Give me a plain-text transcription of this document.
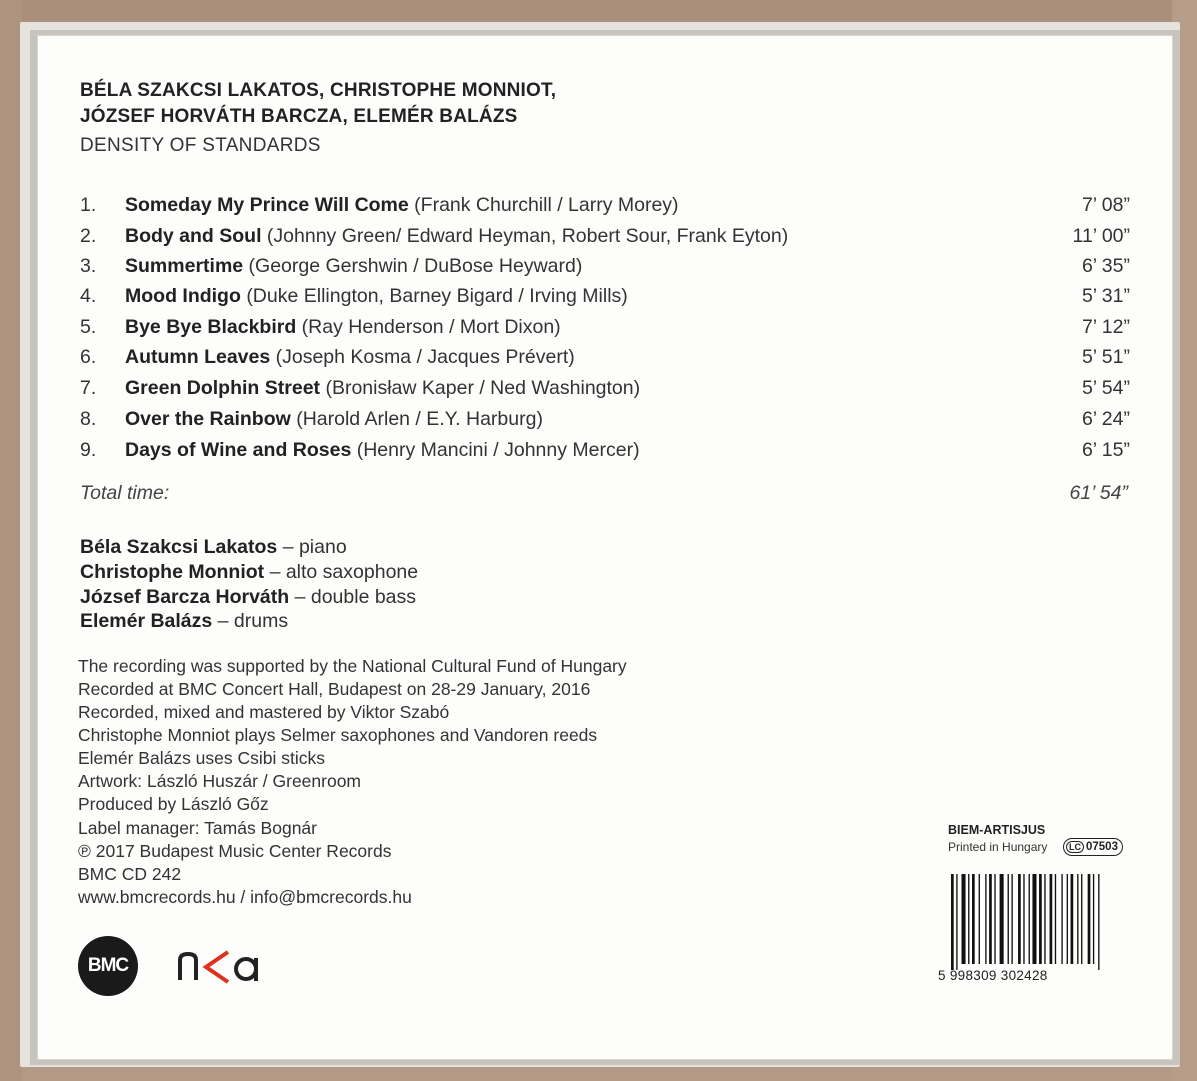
BÉLA SZAKCSI LAKATOS, CHRISTOPHE MONNIOT,
JÓZSEF HORVÁTH BARCZA, ELEMÉR BALÁZS
DENSITY OF STANDARDS
1. Someday My Prince Will Come (Frank Churchill / Larry Morey)	7’ 08”
2. Body and Soul (Johnny Green/ Edward Heyman, Robert Sour, Frank Eyton)	11’ 00”
3. Summertime (George Gershwin / DuBose Heyward)	6’ 35”
4. Mood Indigo (Duke Ellington, Barney Bigard / Irving Mills)	5’ 31”
5. Bye Bye Blackbird (Ray Henderson / Mort Dixon)	7’ 12”
6. Autumn Leaves (Joseph Kosma / Jacques Prévert)	5’ 51”
7. Green Dolphin Street (Bronisław Kaper / Ned Washington)	5’ 54”
8. Over the Rainbow (Harold Arlen / E.Y. Harburg)	6’ 24”
9. Days of Wine and Roses (Henry Mancini / Johnny Mercer)	6’ 15”
Total time:	61’ 54”
Béla Szakcsi Lakatos – piano
Christophe Monniot – alto saxophone
József Barcza Horváth – double bass
Elemér Balázs – drums
The recording was supported by the National Cultural Fund of Hungary
Recorded at BMC Concert Hall, Budapest on 28-29 January, 2016
Recorded, mixed and mastered by Viktor Szabó
Christophe Monniot plays Selmer saxophones and Vandoren reeds
Elemér Balázs uses Csibi sticks
Artwork: László Huszár / Greenroom
Produced by László Gőz
Label manager: Tamás Bognár
℗ 2017 Budapest Music Center Records
BMC CD 242
www.bmcrecords.hu / info@bmcrecords.hu
BMC
BIEM-ARTISJUS
Printed in Hungary	LC 07503
5 998309 302428
